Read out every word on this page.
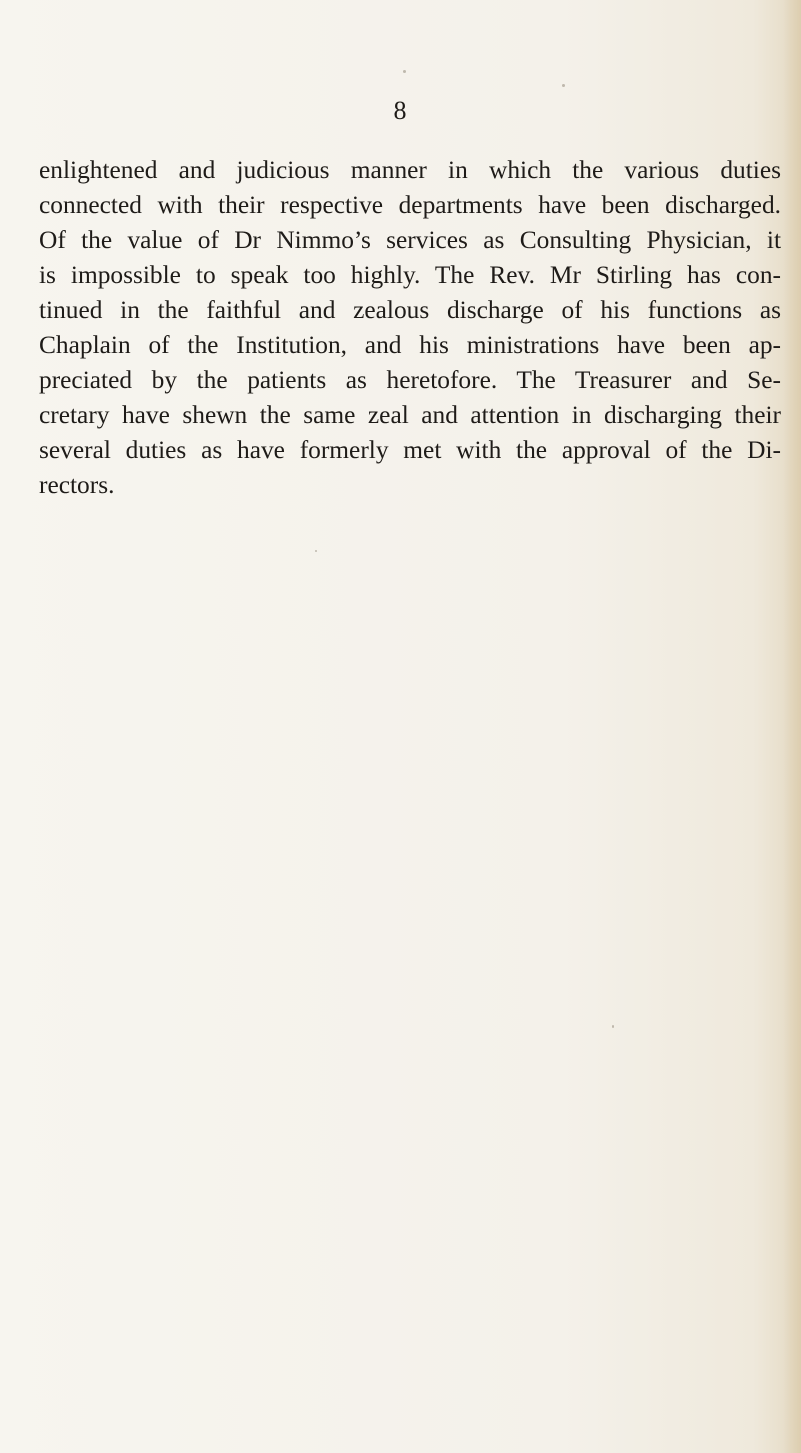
8
enlightened and judicious manner in which the various duties
connected with their respective departments have been discharged.
Of the value of Dr Nimmo’s services as Consulting Physician, it
is impossible to speak too highly. The Rev. Mr Stirling has con-
tinued in the faithful and zealous discharge of his functions as
Chaplain of the Institution, and his ministrations have been ap-
preciated by the patients as heretofore. The Treasurer and Se-
cretary have shewn the same zeal and attention in discharging their
several duties as have formerly met with the approval of the Di-
rectors.
